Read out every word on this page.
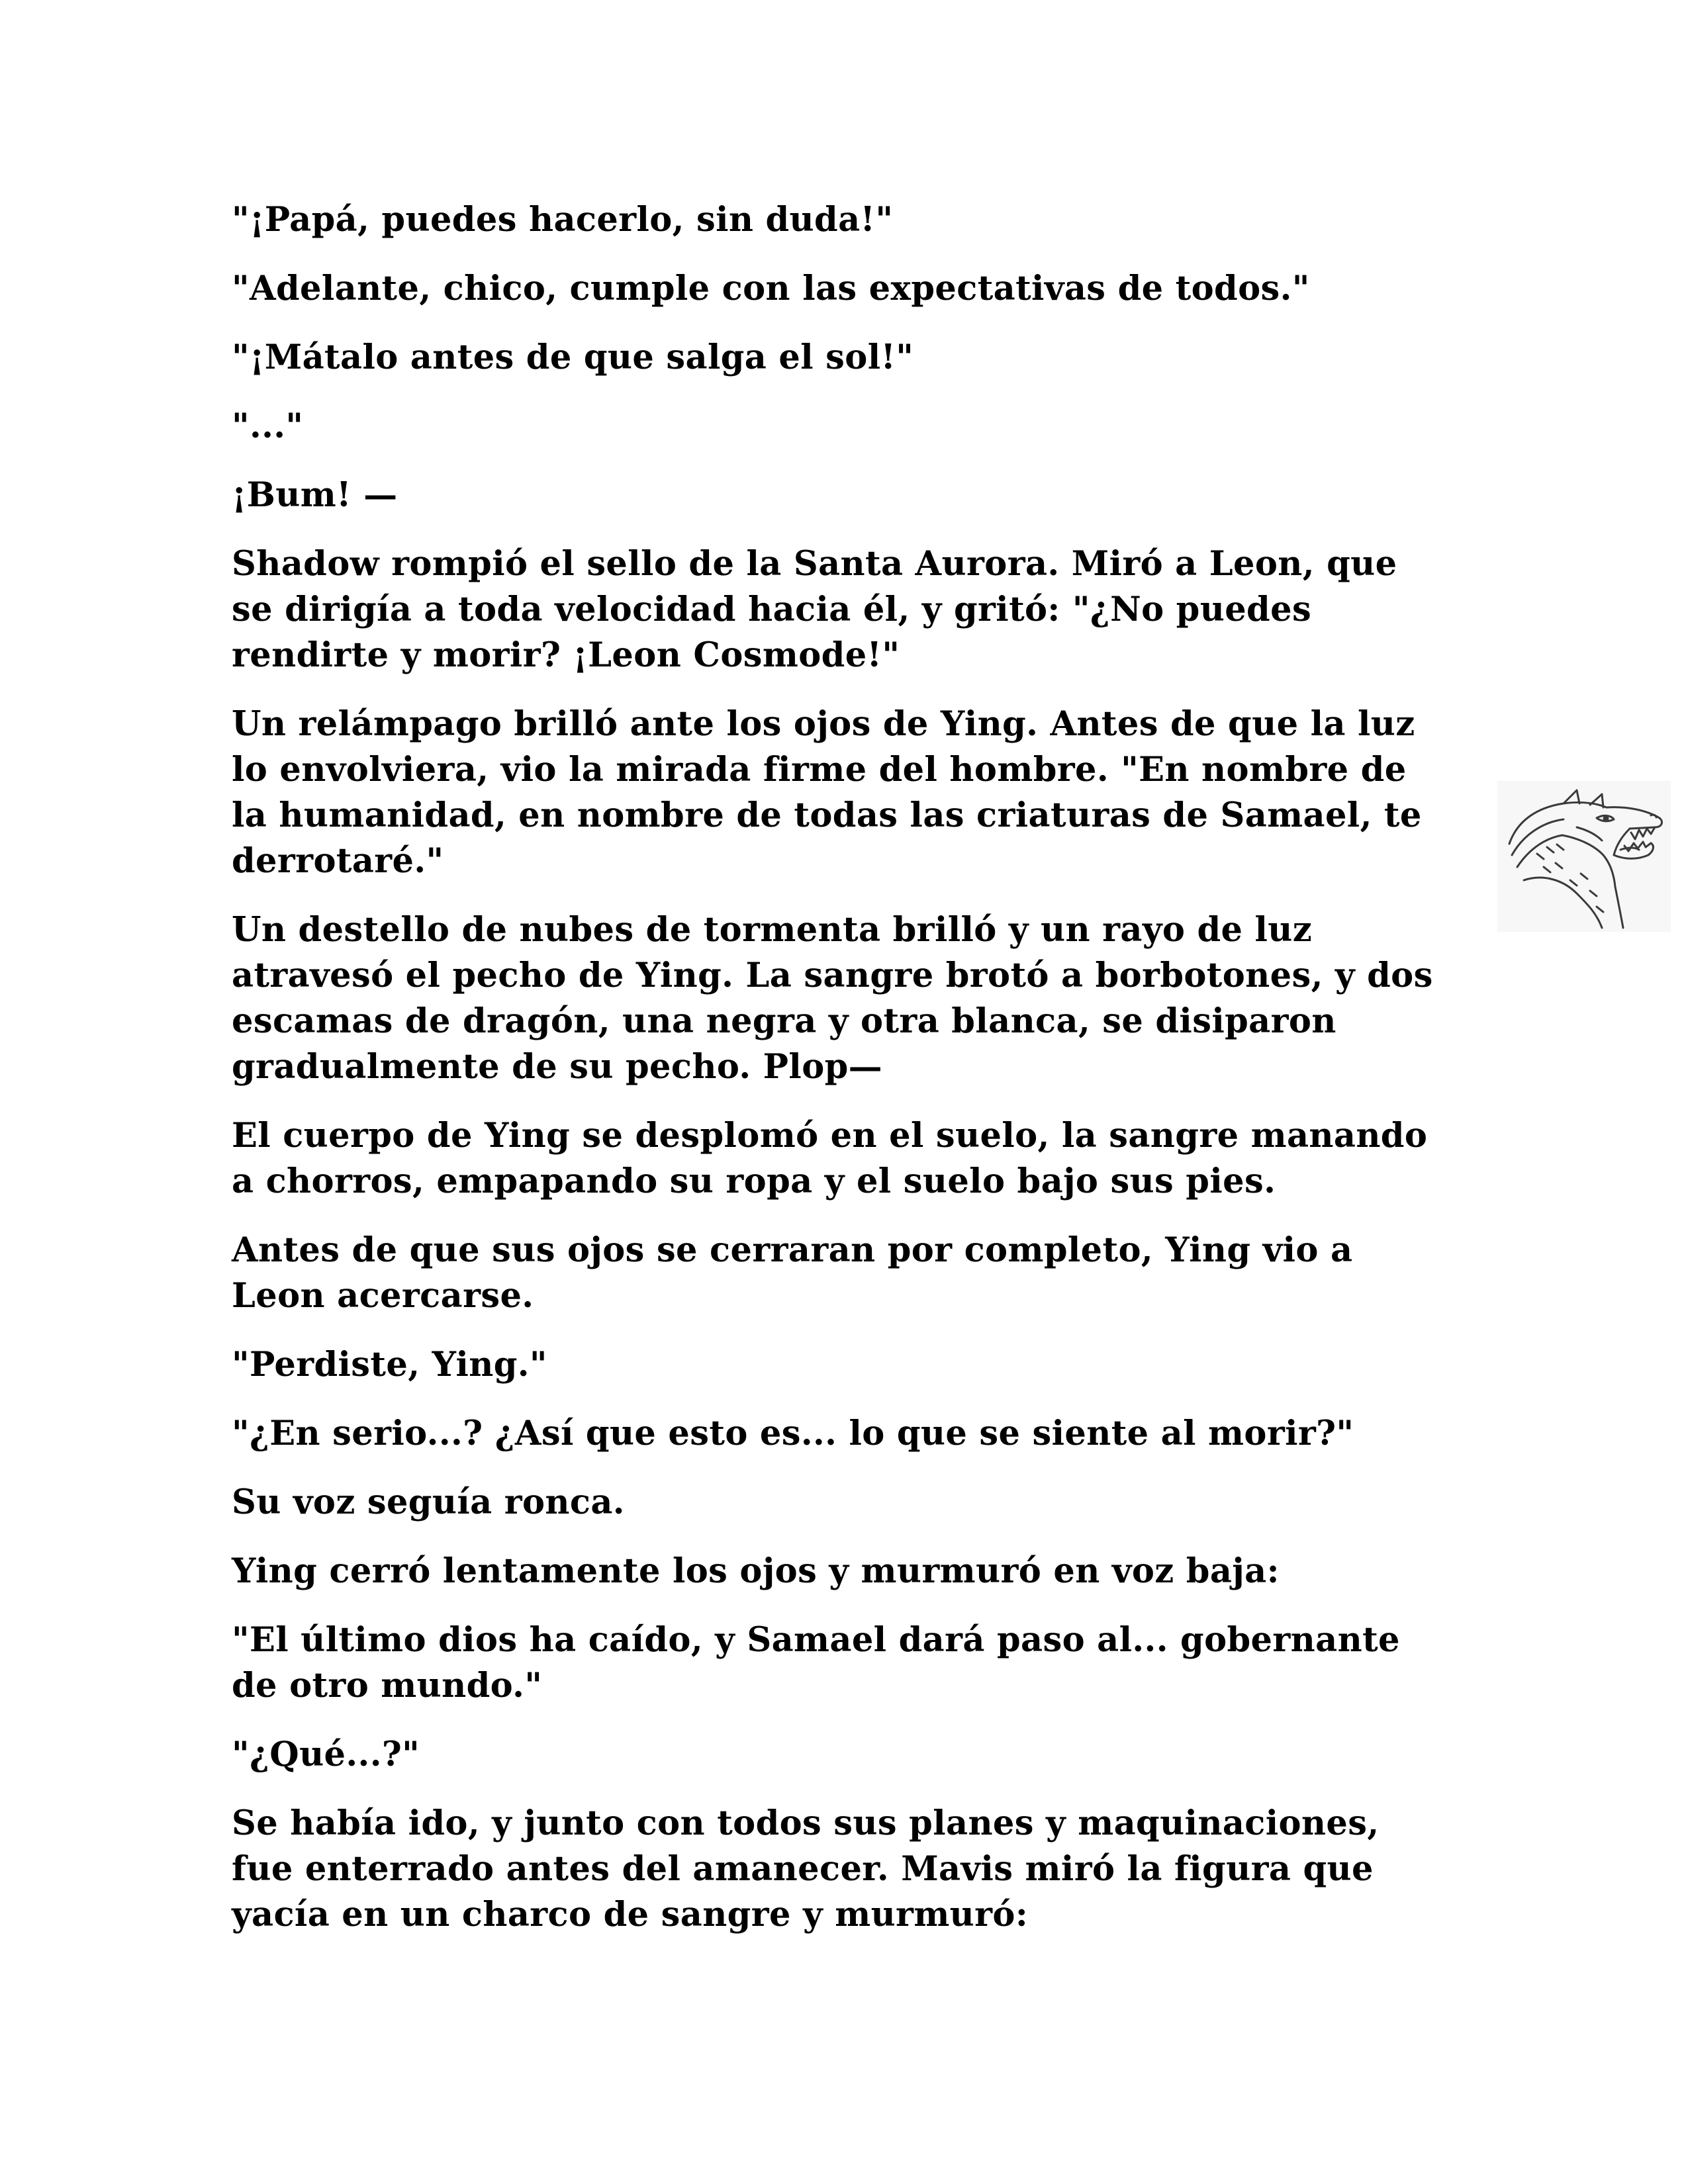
"¡Papá, puedes hacerlo, sin duda!"

"Adelante, chico, cumple con las expectativas de todos."

"¡Mátalo antes de que salga el sol!"

"..."

¡Bum! —

Shadow rompió el sello de la Santa Aurora. Miró a Leon, que
se dirigía a toda velocidad hacia él, y gritó: "¿No puedes
rendirte y morir? ¡Leon Cosmode!"

Un relámpago brilló ante los ojos de Ying. Antes de que la luz
lo envolviera, vio la mirada firme del hombre. "En nombre de
la humanidad, en nombre de todas las criaturas de Samael, te
derrotaré."

Un destello de nubes de tormenta brilló y un rayo de luz
atravesó el pecho de Ying. La sangre brotó a borbotones, y dos
escamas de dragón, una negra y otra blanca, se disiparon
gradualmente de su pecho. Plop—

El cuerpo de Ying se desplomó en el suelo, la sangre manando
a chorros, empapando su ropa y el suelo bajo sus pies.

Antes de que sus ojos se cerraran por completo, Ying vio a
Leon acercarse.

"Perdiste, Ying."

"¿En serio...? ¿Así que esto es... lo que se siente al morir?"

Su voz seguía ronca.

Ying cerró lentamente los ojos y murmuró en voz baja:

"El último dios ha caído, y Samael dará paso al... gobernante
de otro mundo."

"¿Qué...?"

Se había ido, y junto con todos sus planes y maquinaciones,
fue enterrado antes del amanecer. Mavis miró la figura que
yacía en un charco de sangre y murmuró:
